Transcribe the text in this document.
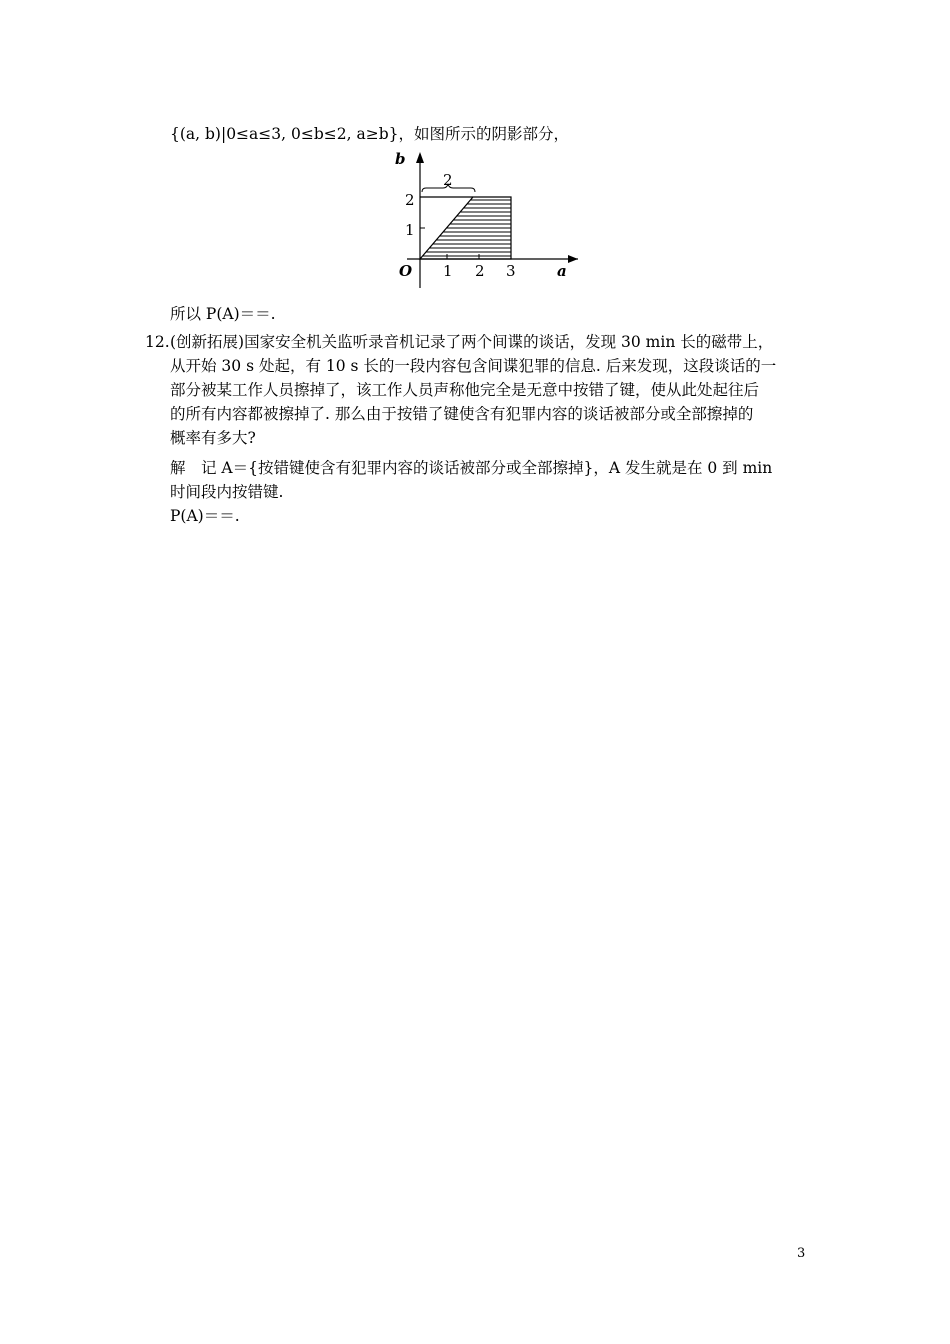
{(a, b)|0≤a≤3, 0≤b≤2, a≥b}，如图所示的阴影部分，
2
b
a
O
2
1
1 2 3
所以 P(A)＝＝.
12. (创新拓展)国家安全机关监听录音机记录了两个间谍的谈话，发现 30 min 长的磁带上，
从开始 30 s 处起，有 10 s 长的一段内容包含间谍犯罪的信息. 后来发现，这段谈话的一
部分被某工作人员擦掉了，该工作人员声称他完全是无意中按错了键，使从此处起往后
的所有内容都被擦掉了. 那么由于按错了键使含有犯罪内容的谈话被部分或全部擦掉的
概率有多大?
解　记 A＝{按错键使含有犯罪内容的谈话被部分或全部擦掉}，A 发生就是在 0 到 min
时间段内按错键.
P(A)＝＝.
3
